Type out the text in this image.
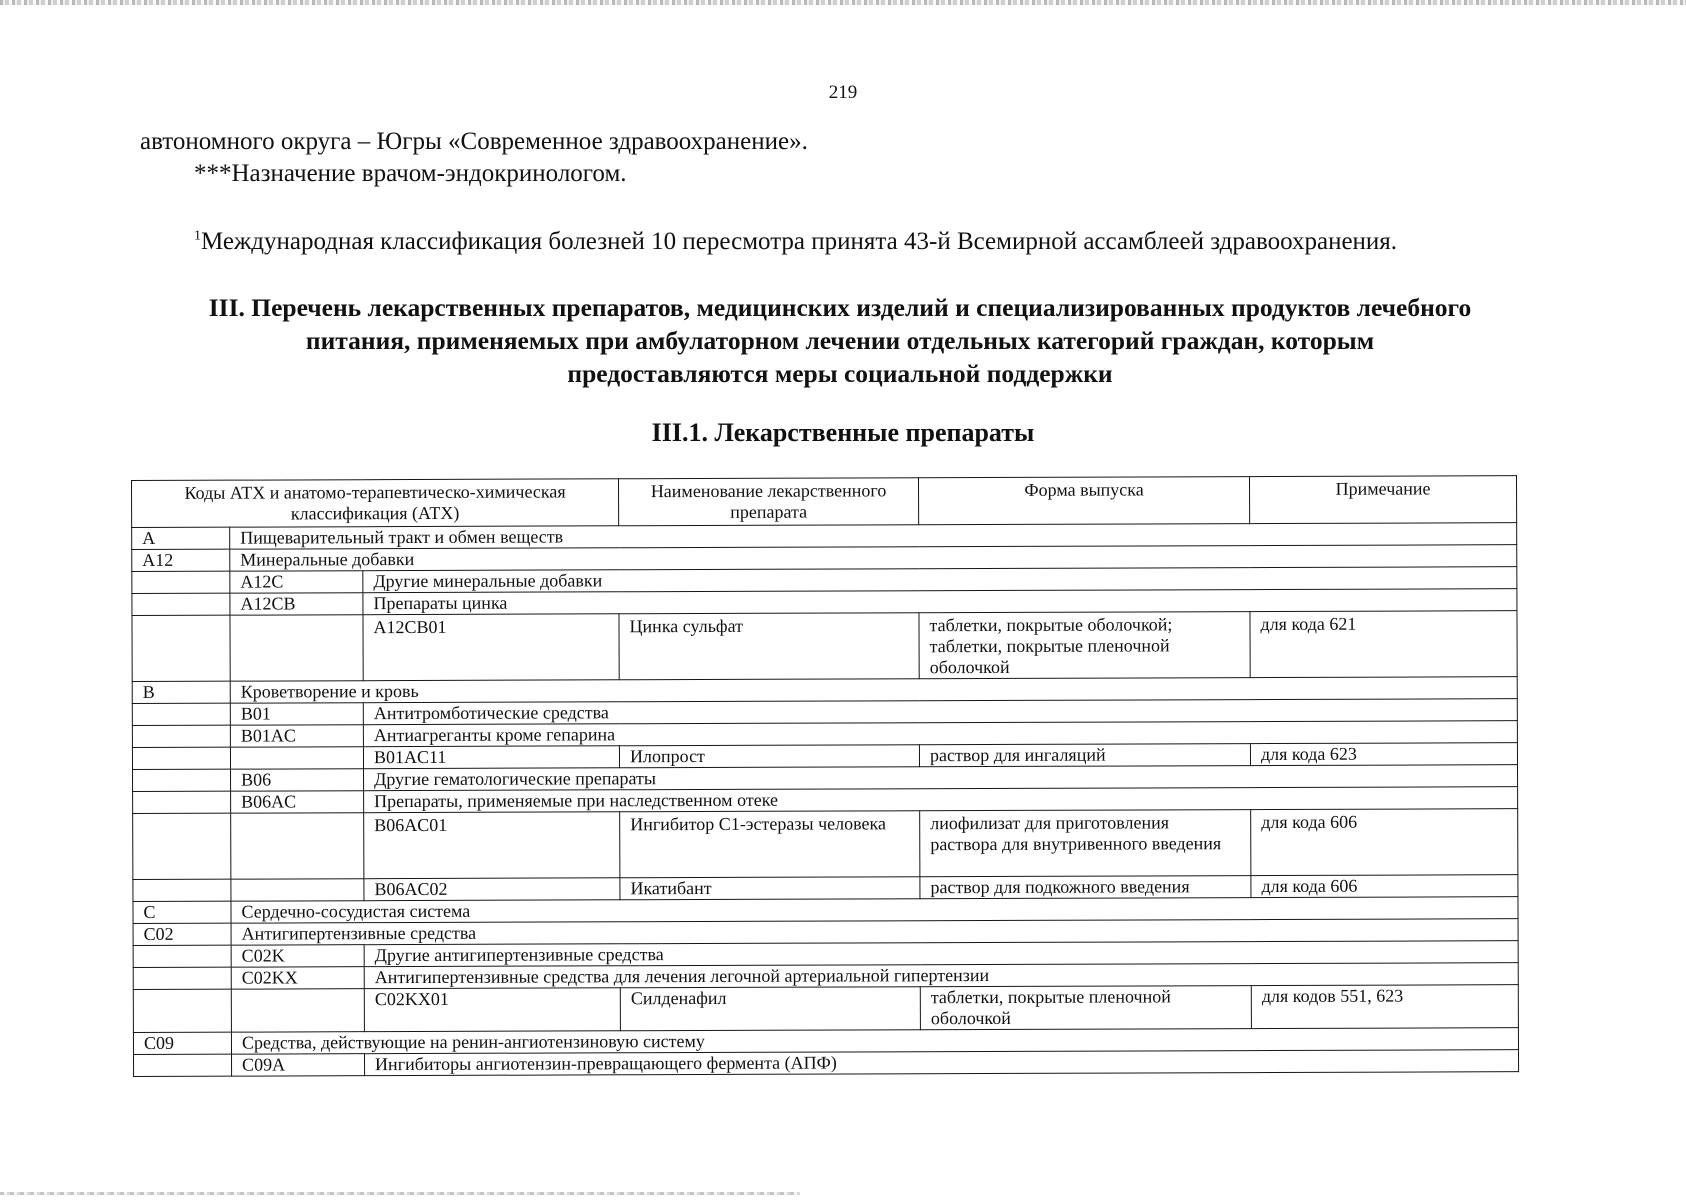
219
автономного округа – Югры «Современное здравоохранение».
***Назначение врачом-эндокринологом.
$^1$Международная классификация болезней 10 пересмотра принята 43-й Всемирной ассамблеей здравоохранения.
III. Перечень лекарственных препаратов, медицинских изделий и специализированных продуктов лечебного
питания, применяемых при амбулаторном лечении отдельных категорий граждан, которым
предоставляются меры социальной поддержки
III.1. Лекарственные препараты
Коды АТХ и анатомо-терапевтическо-химическая классификация (АТХ)			Наименование лекарственного препарата	Форма выпуска	Примечание
A	Пищеварительный тракт и обмен веществ				
A12	Минеральные добавки				
	A12C	Другие минеральные добавки			
	A12CB	Препараты цинка			
		A12CB01	Цинка сульфат	таблетки, покрытые оболочкой; таблетки, покрытые пленочной оболочкой	для кода 621
B	Кроветворение и кровь				
	B01	Антитромботические средства			
	B01AC	Антиагреганты кроме гепарина			
		B01AC11	Илопрост	раствор для ингаляций	для кода 623
	B06	Другие гематологические препараты			
	B06AC	Препараты, применяемые при наследственном отеке			
		B06AC01	Ингибитор С1-эстеразы человека	лиофилизат для приготовления раствора для внутривенного введения	для кода 606
		B06AC02	Икатибант	раствор для подкожного введения	для кода 606
C	Сердечно-сосудистая система				
C02	Антигипертензивные средства				
	C02K	Другие антигипертензивные средства			
	C02KX	Антигипертензивные средства для лечения легочной артериальной гипертензии			
		C02KX01	Силденафил	таблетки, покрытые пленочной оболочкой	для кодов 551, 623
C09	Средства, действующие на ренин-ангиотензиновую систему				
	C09A	Ингибиторы ангиотензин-превращающего фермента (АПФ)			
